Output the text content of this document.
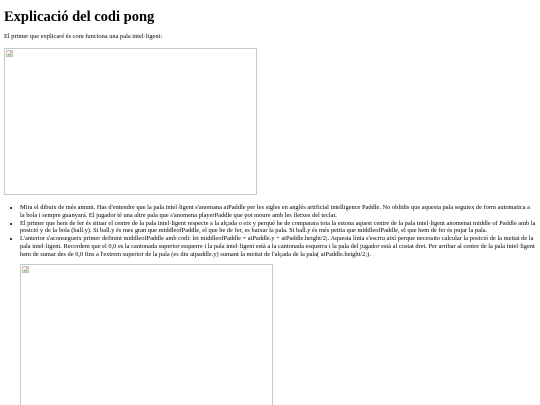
Explicació del codi pong

El primer que explicaré és com funciona una pala intel·ligent:

• Mira el dibuix de més amunt. Has d'entendre que la pala intel·ligent s'anomana aiPaddle per les sigles en anglés artificial intelligence Paddle. No oblidis que aquesta pala seguiex de form automatica a la bola i sempre guanyará. El jugador té una altre pala que s'anomena playerPaddle que pot moure amb les fletxes del teclat.
• El primer que hem de fer és situar el centre de la pala intel·ligent respecte a la alçada o eix y perqué he de comparara tota la estona aquest centre de la pala intel·ligent anomenat middle of Paddle amb la posició y de la bola (ball.y). Si ball.y és mes gran que middleofPaddle, el que he de fer, es baixar la pala. Si ball.y és més petita que middleofPaddle, el que hem de fer és pujar la pala.
• L'anterior s'aconsegueix primer definint middleofPaddle amb codi: let middleofPaddle = aiPaddle.y + aiPaddle.height/2;. Aquesta línia s'escriu així perque necessito calcular la posició de la meitat de la pala intel·ligent. Recordem que el 0,0 es la cantonada superior esquerre i la pala intel·ligent està a la cantonada esquerra i la pala del jugador està al costat dret. Per arribar al centre de la pala intel·ligent hem de sumar des de 0,0 fins a l'extrem superior de la pala (es diu aipaddle.y) sumant la meitat de l'alçada de la pala( aiPaddle.height/2;).
